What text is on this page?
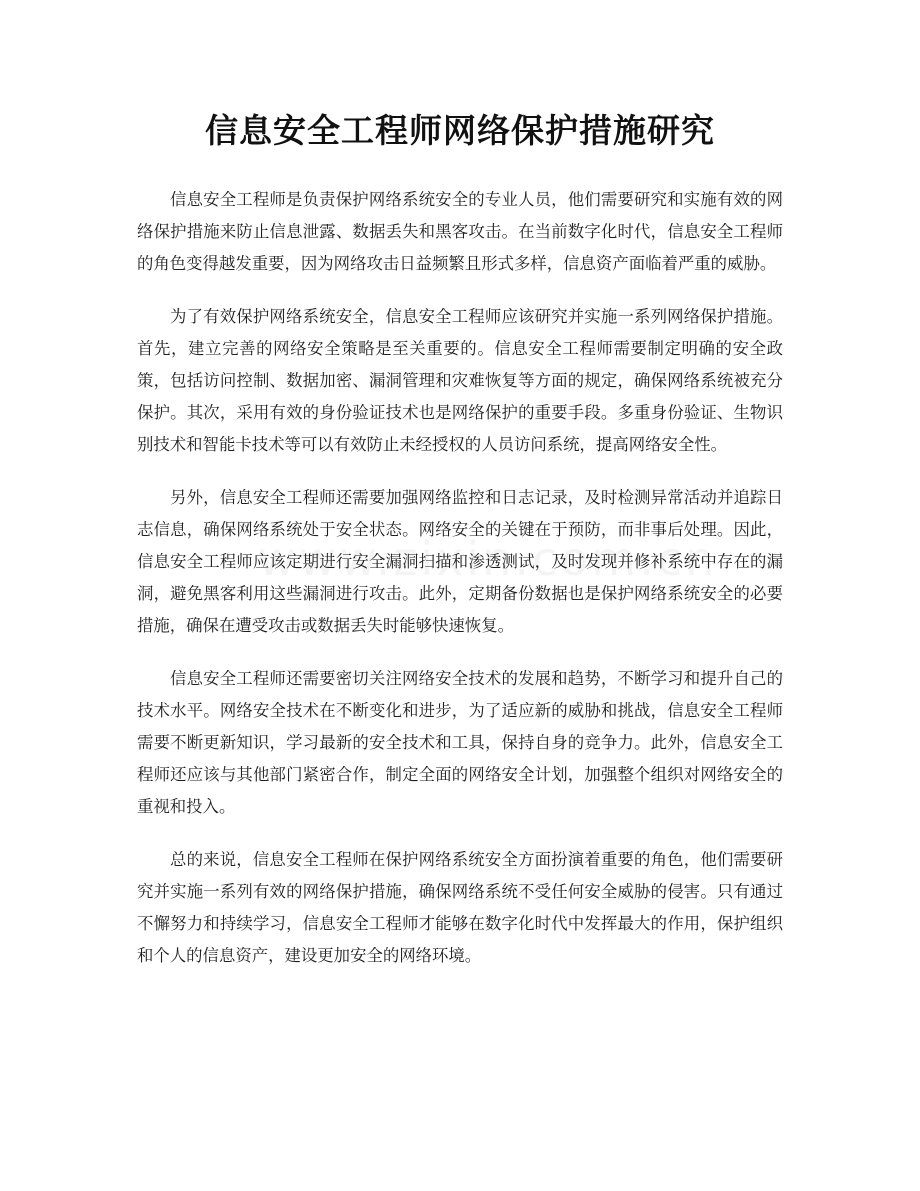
信息安全工程师网络保护措施研究

信息安全工程师是负责保护网络系统安全的专业人员，他们需要研究和实施有效的网络保护措施来防止信息泄露、数据丢失和黑客攻击。在当前数字化时代，信息安全工程师的角色变得越发重要，因为网络攻击日益频繁且形式多样，信息资产面临着严重的威胁。

为了有效保护网络系统安全，信息安全工程师应该研究并实施一系列网络保护措施。首先，建立完善的网络安全策略是至关重要的。信息安全工程师需要制定明确的安全政策，包括访问控制、数据加密、漏洞管理和灾难恢复等方面的规定，确保网络系统被充分保护。其次，采用有效的身份验证技术也是网络保护的重要手段。多重身份验证、生物识别技术和智能卡技术等可以有效防止未经授权的人员访问系统，提高网络安全性。

另外，信息安全工程师还需要加强网络监控和日志记录，及时检测异常活动并追踪日志信息，确保网络系统处于安全状态。网络安全的关键在于预防，而非事后处理。因此，信息安全工程师应该定期进行安全漏洞扫描和渗透测试，及时发现并修补系统中存在的漏洞，避免黑客利用这些漏洞进行攻击。此外，定期备份数据也是保护网络系统安全的必要措施，确保在遭受攻击或数据丢失时能够快速恢复。

信息安全工程师还需要密切关注网络安全技术的发展和趋势，不断学习和提升自己的技术水平。网络安全技术在不断变化和进步，为了适应新的威胁和挑战，信息安全工程师需要不断更新知识，学习最新的安全技术和工具，保持自身的竞争力。此外，信息安全工程师还应该与其他部门紧密合作，制定全面的网络安全计划，加强整个组织对网络安全的重视和投入。

总的来说，信息安全工程师在保护网络系统安全方面扮演着重要的角色，他们需要研究并实施一系列有效的网络保护措施，确保网络系统不受任何安全威胁的侵害。只有通过不懈努力和持续学习，信息安全工程师才能够在数字化时代中发挥最大的作用，保护组织和个人的信息资产，建设更加安全的网络环境。
